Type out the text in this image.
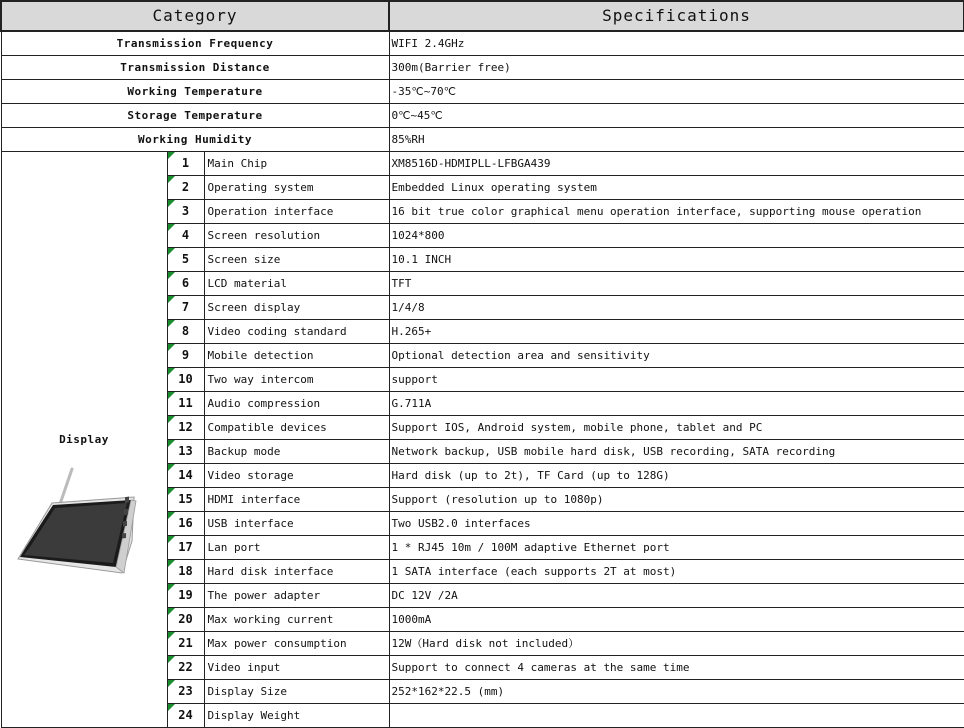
Category			Specifications
Transmission Frequency			WIFI 2.4GHz
Transmission Distance			300m(Barrier free)
Working Temperature			-35℃~70℃
Storage Temperature			0℃~45℃
Working Humidity			85%RH

Display	1	Main Chip	XM8516D-HDMIPLL-LFBGA439

2	Operating system	Embedded Linux operating system

3	Operation interface	16 bit true color graphical menu operation interface, supporting mouse operation

4	Screen resolution	1024*800

5	Screen size	10.1 INCH

6	LCD material	TFT

7	Screen display	1/4/8

8	Video coding standard	H.265+

9	Mobile detection	Optional detection area and sensitivity

10	Two way intercom	support

11	Audio compression	G.711A

12	Compatible devices	Support IOS, Android system, mobile phone, tablet and PC

13	Backup mode	Network backup, USB mobile hard disk, USB recording, SATA recording

14	Video storage	Hard disk (up to 2t), TF Card (up to 128G)

15	HDMI interface	Support (resolution up to 1080p)

16	USB interface	Two USB2.0 interfaces

17	Lan port	1 * RJ45 10m / 100M adaptive Ethernet port

18	Hard disk interface	1 SATA interface (each supports 2T at most)

19	The power adapter	DC 12V /2A

20	Max working current	1000mA

21	Max power consumption	12W（Hard disk not included）

22	Video input	Support to connect 4 cameras at the same time

23	Display Size	252*162*22.5 (mm)

24	Display Weight	
